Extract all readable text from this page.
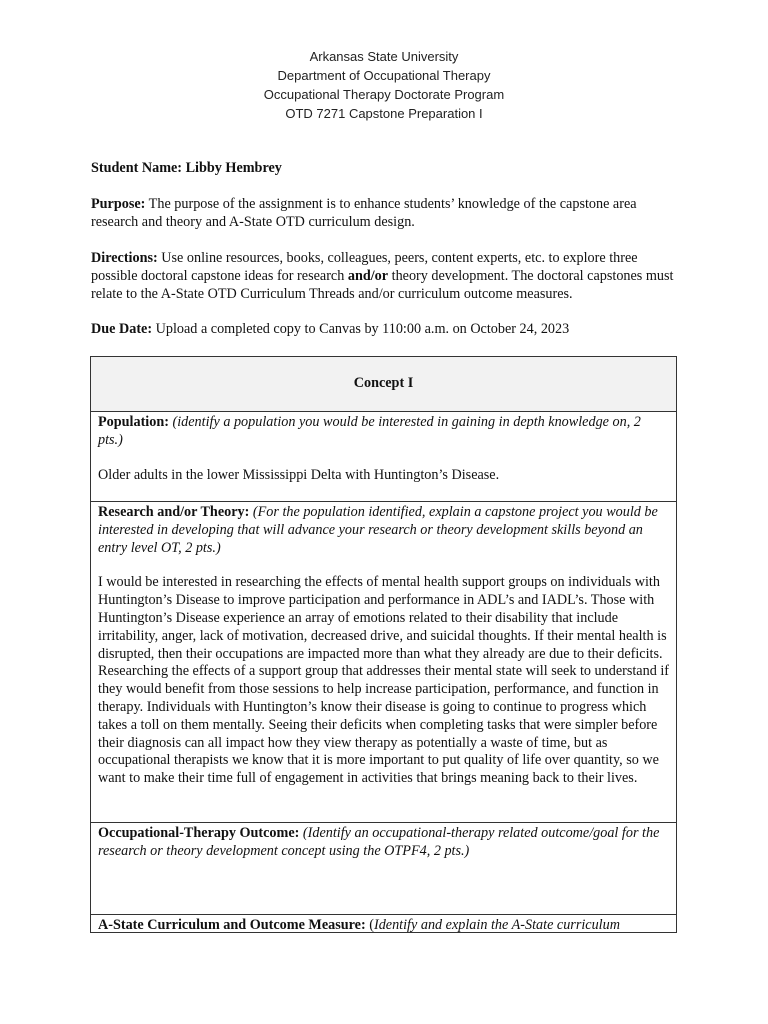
Arkansas State University
Department of Occupational Therapy
Occupational Therapy Doctorate Program
OTD 7271 Capstone Preparation I
Student Name: Libby Hembrey
Purpose: The purpose of the assignment is to enhance students’ knowledge of the capstone area research and theory and A-State OTD curriculum design.
Directions: Use online resources, books, colleagues, peers, content experts, etc. to explore three possible doctoral capstone ideas for research and/or theory development. The doctoral capstones must relate to the A-State OTD Curriculum Threads and/or curriculum outcome measures.
Due Date: Upload a completed copy to Canvas by 110:00 a.m. on October 24, 2023
Concept I
Population: (identify a population you would be interested in gaining in depth knowledge on, 2 pts.)
Older adults in the lower Mississippi Delta with Huntington’s Disease.
Research and/or Theory: (For the population identified, explain a capstone project you would be interested in developing that will advance your research or theory development skills beyond an entry level OT, 2 pts.)
I would be interested in researching the effects of mental health support groups on individuals with Huntington’s Disease to improve participation and performance in ADL’s and IADL’s. Those with Huntington’s Disease experience an array of emotions related to their disability that include irritability, anger, lack of motivation, decreased drive, and suicidal thoughts. If their mental health is disrupted, then their occupations are impacted more than what they already are due to their deficits. Researching the effects of a support group that addresses their mental state will seek to understand if they would benefit from those sessions to help increase participation, performance, and function in therapy. Individuals with Huntington’s know their disease is going to continue to progress which takes a toll on them mentally. Seeing their deficits when completing tasks that were simpler before their diagnosis can all impact how they view therapy as potentially a waste of time, but as occupational therapists we know that it is more important to put quality of life over quantity, so we want to make their time full of engagement in activities that brings meaning back to their lives.
Occupational-Therapy Outcome: (Identify an occupational-therapy related outcome/goal for the research or theory development concept using the OTPF4, 2 pts.)
A-State Curriculum and Outcome Measure: (Identify and explain the A-State curriculum
